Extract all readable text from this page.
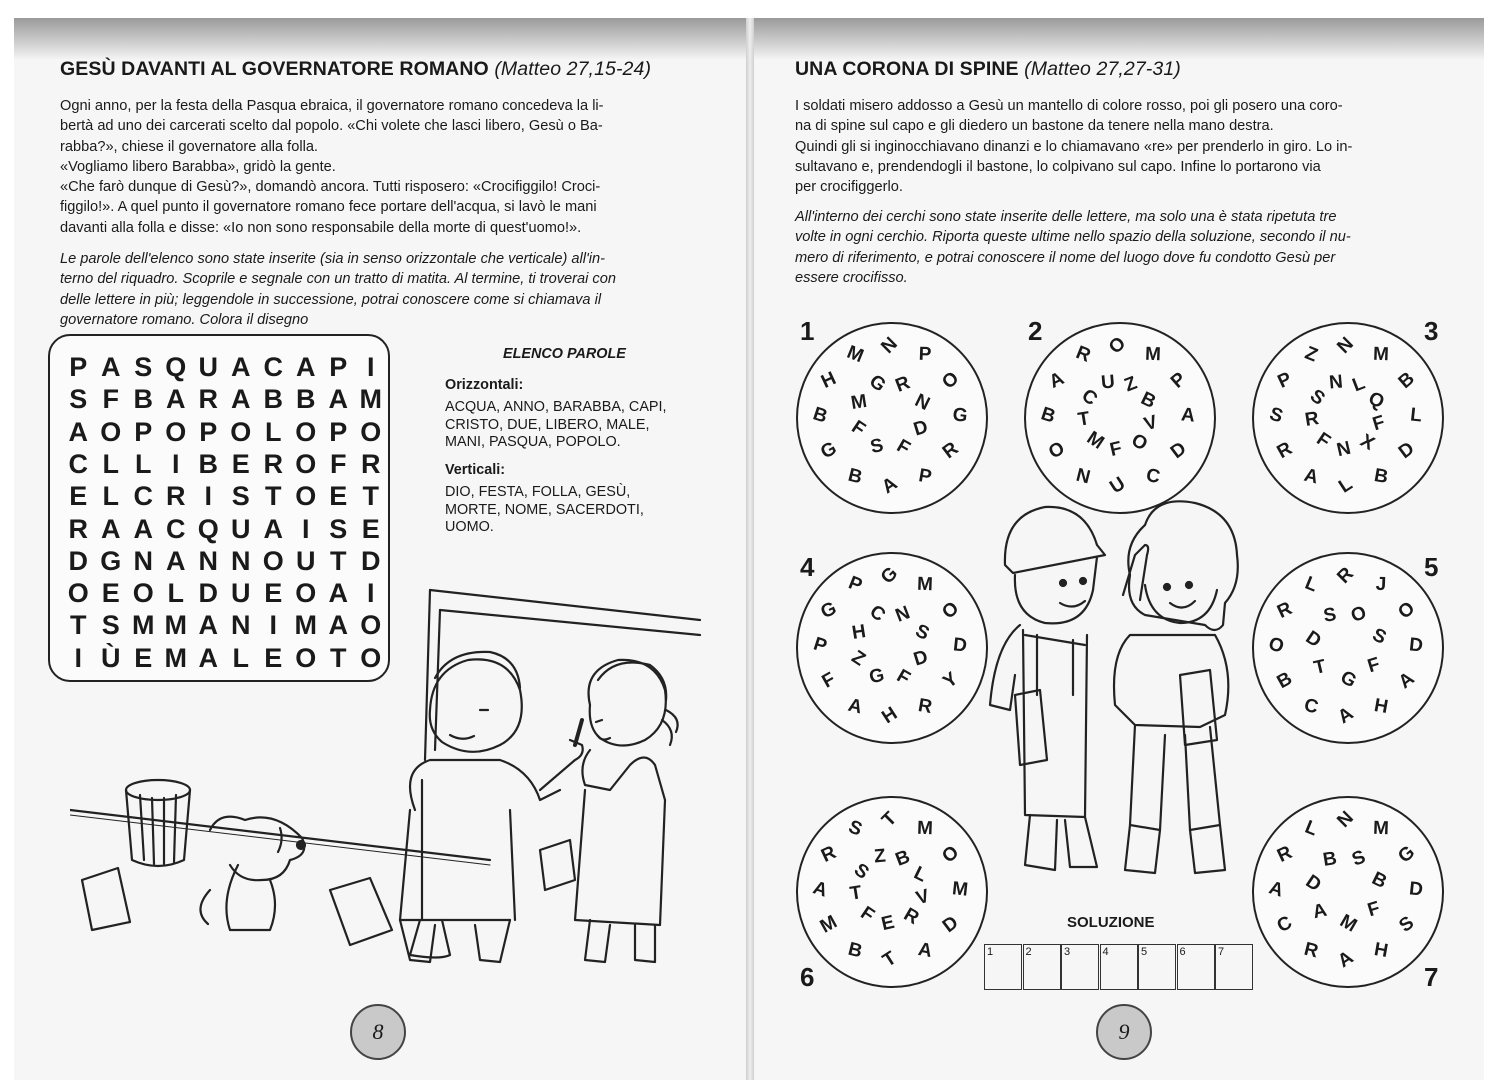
GESÙ DAVANTI AL GOVERNATORE ROMANO (Matteo 27,15-24)
Ogni anno, per la festa della Pasqua ebraica, il governatore romano concedeva la li-
bertà ad uno dei carcerati scelto dal popolo. «Chi volete che lasci libero, Gesù o Ba-
rabba?», chiese il governatore alla folla.
«Vogliamo libero Barabba», gridò la gente.
«Che farò dunque di Gesù?», domandò ancora. Tutti risposero: «Crocifiggilo! Croci-
figgilo!». A quel punto il governatore romano fece portare dell'acqua, si lavò le mani
davanti alla folla e disse: «Io non sono responsabile della morte di quest'uomo!».
Le parole dell'elenco sono state inserite (sia in senso orizzontale che verticale) all'in-
terno del riquadro. Scoprile e segnale con un tratto di matita. Al termine, ti troverai con
delle lettere in più; leggendole in successione, potrai conoscere come si chiamava il
governatore romano. Colora il disegno
P A S Q U A C A P I
S F B A R A B B A M
A O P O P O L O P O
C L L I B E R O F R
E L C R I S T O E T
R A A C Q U A I S E
D G N A N N O U T D
O E O L D U E O A I
T S M M A N I M A O
I Ù E M A L E O T O
ELENCO PAROLE
Orizzontali:
ACQUA, ANNO, BARABBA, CAPI,
CRISTO, DUE, LIBERO, MALE,
MANI, PASQUA, POPOLO.
Verticali:
DIO, FESTA, FOLLA, GESÙ,
MORTE, NOME, SACERDOTI,
UOMO.
8
UNA CORONA DI SPINE (Matteo 27,27-31)
I soldati misero addosso a Gesù un mantello di colore rosso, poi gli posero una coro-
na di spine sul capo e gli diedero un bastone da tenere nella mano destra.
Quindi gli si inginocchiavano dinanzi e lo chiamavano «re» per prenderlo in giro. Lo in-
sultavano e, prendendogli il bastone, lo colpivano sul capo. Infine lo portarono via
per crocifiggerlo.
All'interno dei cerchi sono state inserite delle lettere, ma solo una è stata ripetuta tre
volte in ogni cerchio. Riporta queste ultime nello spazio della soluzione, secondo il nu-
mero di riferimento, e potrai conoscere il nome del luogo dove fu condotto Gesù per
essere crocifisso.
N P
O
G
R
P
A
B
G
B
H
M
R
N
D
F
S
F
M
G
1	O M
P
A
D
C
U
N
O
B
A
R
Z
B
V
O
F
M
T
C
U
2	N M
B
L
D
B
L
A
R
S
P
Z
L
Q
F
X
N
F
R
S
N
3
G M
O
D
Y
R
H
A
F
P
G
P
N
S
D
F
G
Z
H
C
4	R J
O
D
A
H
A
C
B
O
R
L
O
S
F
G
T
D
S
5
T M
O
M
D
A
T
B
M
A
R
S
B
L
V
R
E
F
T
S
Z
6
N M
G
D
S
H
A
R
C
A
R
L
S
B
F
M
A
D
B
7
SOLUZIONE
1	2	3	4	5	6	7
9
